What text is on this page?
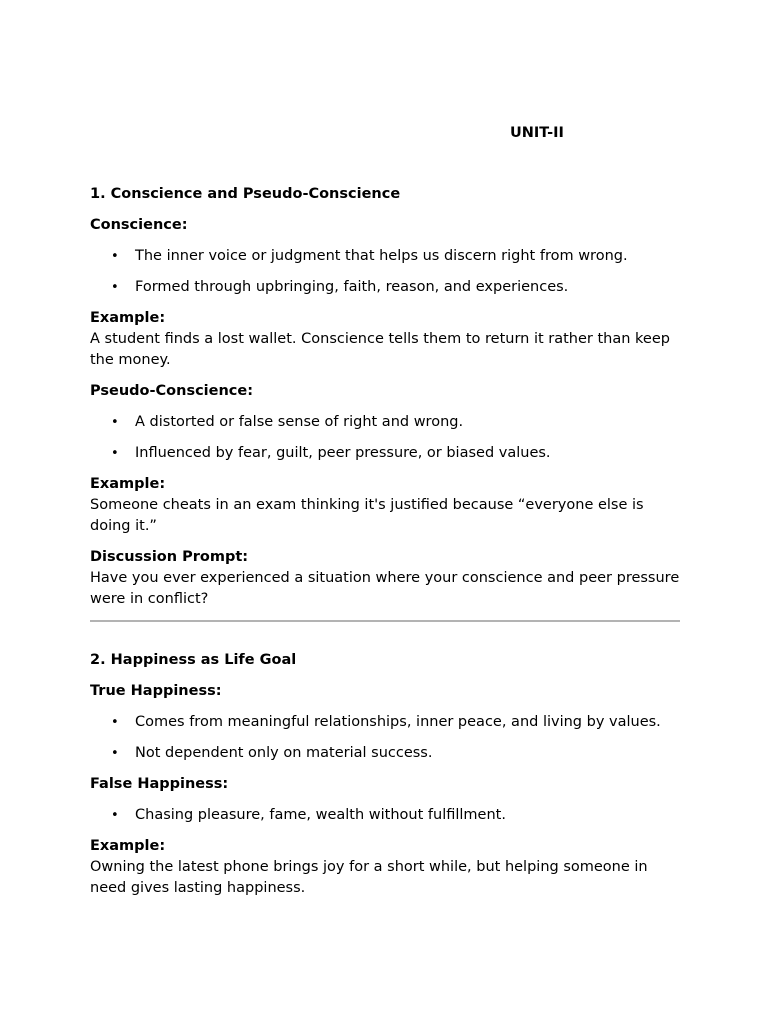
UNIT-II
1. Conscience and Pseudo-Conscience
Conscience:
• The inner voice or judgment that helps us discern right from wrong.
• Formed through upbringing, faith, reason, and experiences.
Example:
A student finds a lost wallet. Conscience tells them to return it rather than keep the money.
Pseudo-Conscience:
• A distorted or false sense of right and wrong.
• Influenced by fear, guilt, peer pressure, or biased values.
Example:
Someone cheats in an exam thinking it's justified because “everyone else is doing it.”
Discussion Prompt:
Have you ever experienced a situation where your conscience and peer pressure were in conflict?
2. Happiness as Life Goal
True Happiness:
• Comes from meaningful relationships, inner peace, and living by values.
• Not dependent only on material success.
False Happiness:
• Chasing pleasure, fame, wealth without fulfillment.
Example:
Owning the latest phone brings joy for a short while, but helping someone in need gives lasting happiness.
